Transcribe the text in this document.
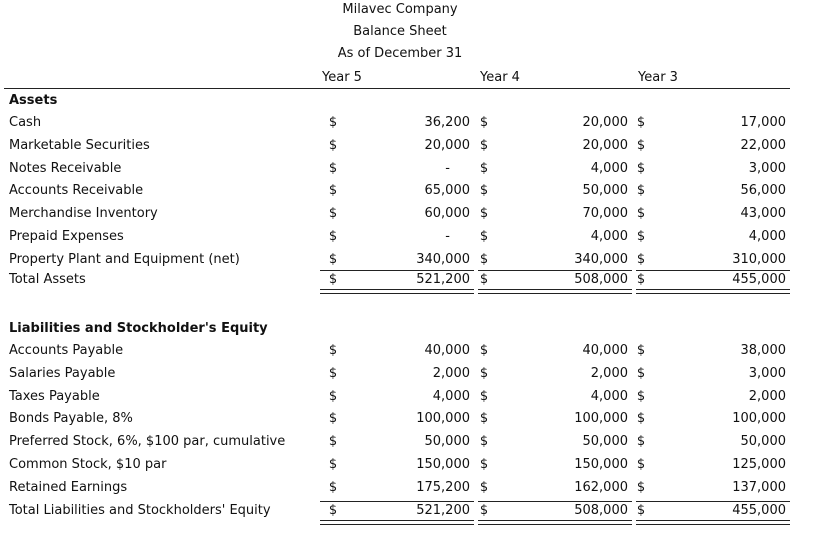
Milavec Company
Balance Sheet
As of December 31
Year 5	Year 4	Year 3
Assets
Cash	$	36,200 $	20,000 $	17,000
Marketable Securities	$	20,000 $	20,000 $	22,000
Notes Receivable	$	- $	4,000 $	3,000
Accounts Receivable	$	65,000 $	50,000 $	56,000
Merchandise Inventory	$	60,000 $	70,000 $	43,000
Prepaid Expenses	$	- $	4,000 $	4,000
Property Plant and Equipment (net)	$	340,000 $	340,000 $	310,000
Total Assets	$	521,200 $	508,000 $	455,000
Liabilities and Stockholder's Equity
Accounts Payable	$	40,000 $	40,000 $	38,000
Salaries Payable	$	2,000 $	2,000 $	3,000
Taxes Payable	$	4,000 $	4,000 $	2,000
Bonds Payable, 8%	$	100,000 $	100,000 $	100,000
Preferred Stock, 6%, $100 par, cumulative	$	50,000 $	50,000 $	50,000
Common Stock, $10 par	$	150,000 $	150,000 $	125,000
Retained Earnings	$	175,200 $	162,000 $	137,000
Total Liabilities and Stockholders' Equity	$	521,200 $	508,000 $	455,000
